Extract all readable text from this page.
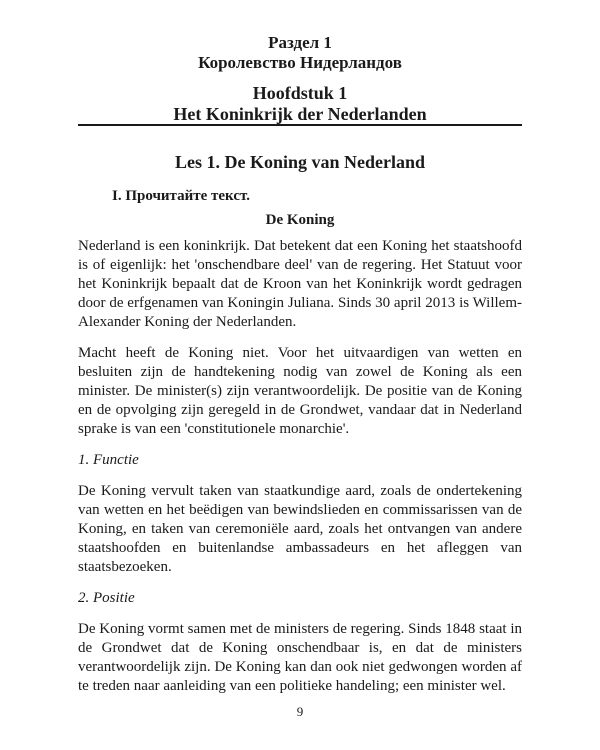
Раздел 1
Королевство Нидерландов
Hoofdstuk 1
Het Koninkrijk der Nederlanden
Les 1. De Koning van Nederland
I. Прочитайте текст.
De Koning

Nederland is een koninkrijk. Dat betekent dat een Koning het staatshoofd is of eigenlijk: het 'onschendbare deel' van de regering. Het Statuut voor het Koninkrijk bepaalt dat de Kroon van het Koninkrijk wordt gedragen door de erfgenamen van Koningin Juliana. Sinds 30 april 2013 is Willem-Alexander Koning der Nederlanden.

Macht heeft de Koning niet. Voor het uitvaardigen van wetten en besluiten zijn de handtekening nodig van zowel de Koning als een minister. De minister(s) zijn verantwoordelijk. De positie van de Koning en de opvolging zijn geregeld in de Grondwet, vandaar dat in Nederland sprake is van een 'constitutionele monarchie'.

1. Functie

De Koning vervult taken van staatkundige aard, zoals de ondertekening van wetten en het beëdigen van bewindslieden en commissarissen van de Koning, en taken van ceremoniële aard, zoals het ontvangen van andere staatshoofden en buitenlandse ambassadeurs en het afleggen van staatsbezoeken.

2. Positie

De Koning vormt samen met de ministers de regering. Sinds 1848 staat in de Grondwet dat de Koning onschendbaar is, en dat de ministers verantwoordelijk zijn. De Koning kan dan ook niet gedwongen worden af te treden naar aanleiding van een politieke handeling; een minister wel.

9
